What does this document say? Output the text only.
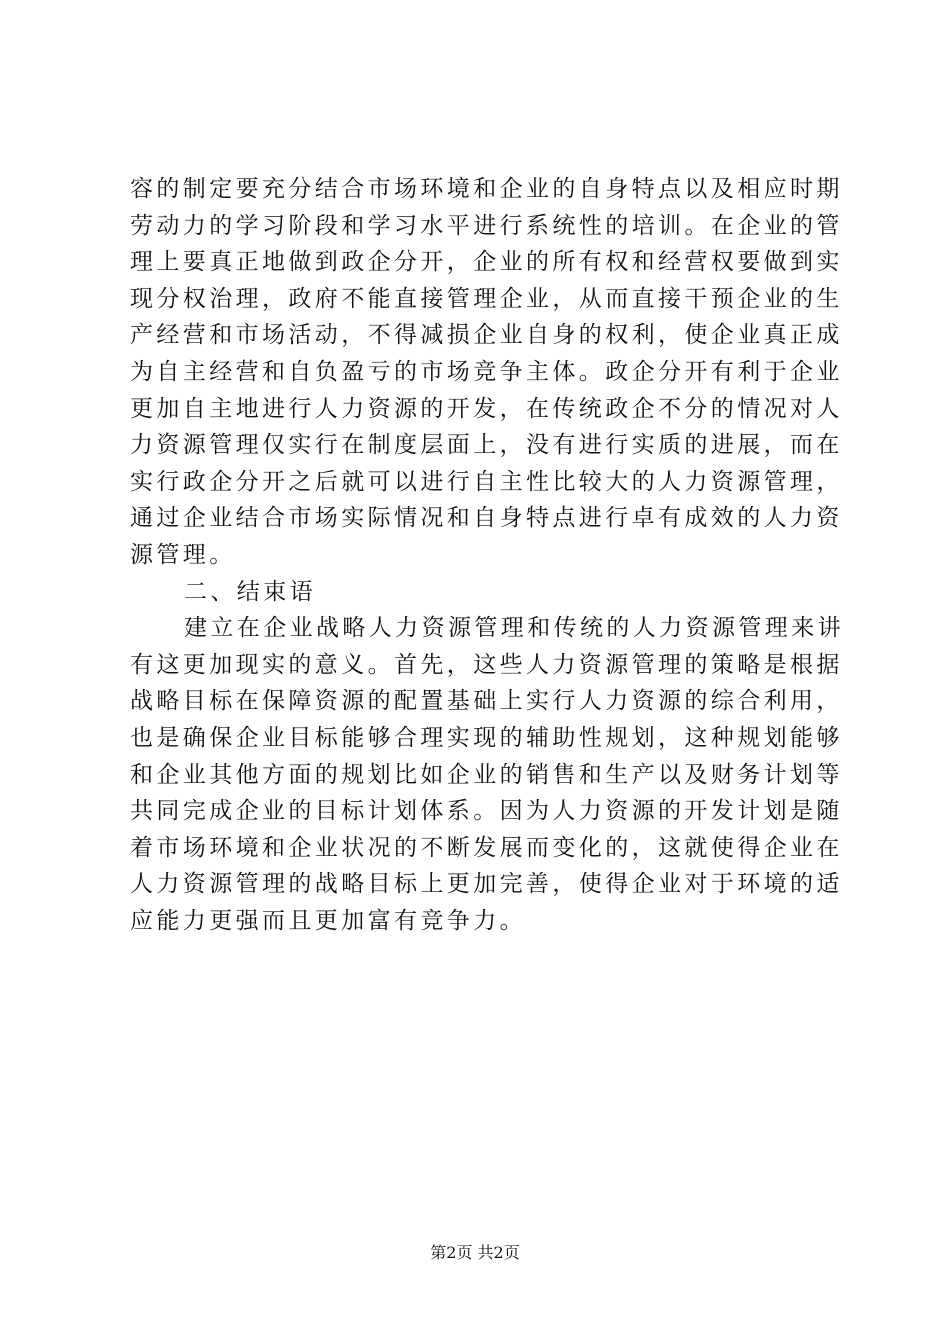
容的制定要充分结合市场环境和企业的自身特点以及相应时期
劳动力的学习阶段和学习水平进行系统性的培训。在企业的管
理上要真正地做到政企分开，企业的所有权和经营权要做到实
现分权治理，政府不能直接管理企业，从而直接干预企业的生
产经营和市场活动，不得减损企业自身的权利，使企业真正成
为自主经营和自负盈亏的市场竞争主体。政企分开有利于企业
更加自主地进行人力资源的开发，在传统政企不分的情况对人
力资源管理仅实行在制度层面上，没有进行实质的进展，而在
实行政企分开之后就可以进行自主性比较大的人力资源管理，
通过企业结合市场实际情况和自身特点进行卓有成效的人力资
源管理。
二、结束语
建立在企业战略人力资源管理和传统的人力资源管理来讲
有这更加现实的意义。首先，这些人力资源管理的策略是根据
战略目标在保障资源的配置基础上实行人力资源的综合利用，
也是确保企业目标能够合理实现的辅助性规划，这种规划能够
和企业其他方面的规划比如企业的销售和生产以及财务计划等
共同完成企业的目标计划体系。因为人力资源的开发计划是随
着市场环境和企业状况的不断发展而变化的，这就使得企业在
人力资源管理的战略目标上更加完善，使得企业对于环境的适
应能力更强而且更加富有竞争力。
第2页 共2页
